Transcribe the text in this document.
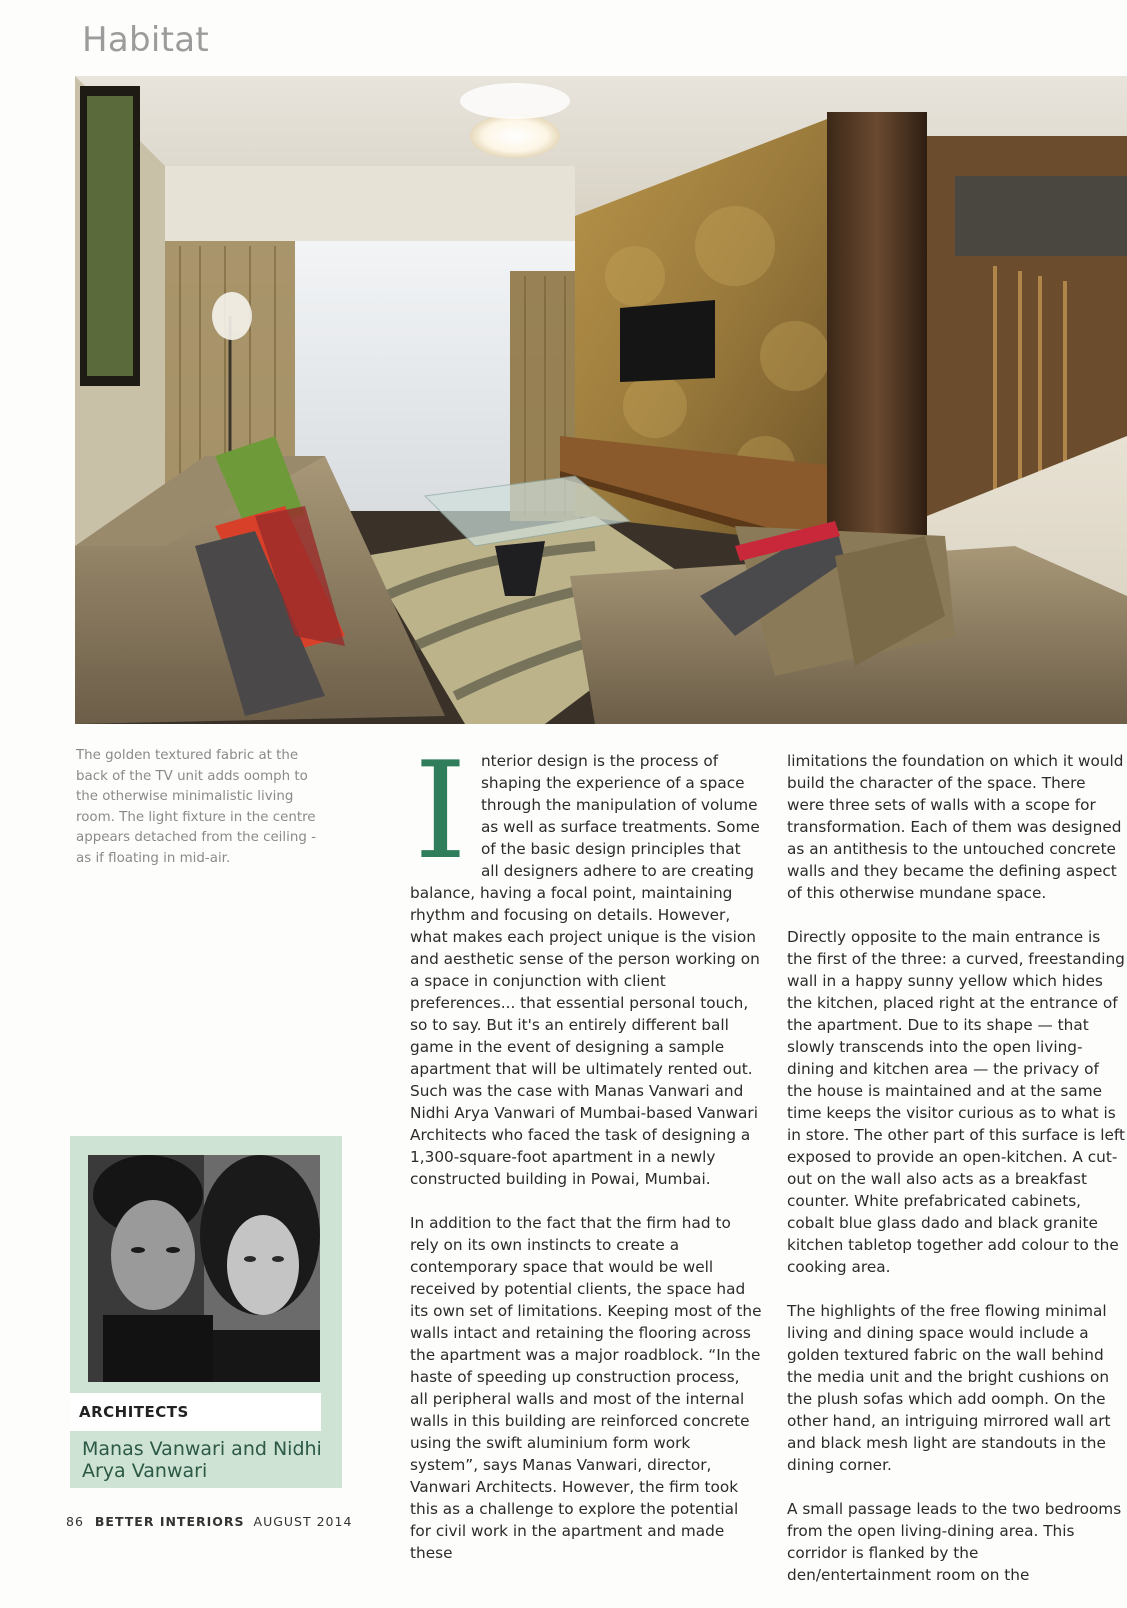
Habitat
The golden textured fabric at the back of the TV unit adds oomph to the otherwise minimalistic living room. The light fixture in the centre appears detached from the ceiling -as if floating in mid-air.	Interior design is the process of shaping the experience of a space through the manipulation of volume as well as surface treatments. Some of the basic design principles that all designers adhere to are creating balance, having a focal point, maintaining rhythm and focusing on details. However, what makes each project unique is the vision and aesthetic sense of the person working on a space in conjunction with client preferences... that essential personal touch, so to say. But it's an entirely different ball game in the event of designing a sample apartment that will be ultimately rented out. Such was the case with Manas Vanwari and Nidhi Arya Vanwari of Mumbai-based Vanwari Architects who faced the task of designing a 1,300-square-foot apartment in a newly constructed building in Powai, Mumbai.

In addition to the fact that the firm had to rely on its own instincts to create a contemporary space that would be well received by potential clients, the space had its own set of limitations. Keeping most of the walls intact and retaining the flooring across the apartment was a major roadblock. “In the haste of speeding up construction process, all peripheral walls and most of the internal walls in this building are reinforced concrete using the swift aluminium form work system”, says Manas Vanwari, director, Vanwari Architects. However, the firm took this as a challenge to explore the potential for civil work in the apartment and made these

limitations the foundation on which it would build the character of the space. There were three sets of walls with a scope for transformation. Each of them was designed as an antithesis to the untouched concrete walls and they became the defining aspect of this otherwise mundane space.

Directly opposite to the main entrance is the first of the three: a curved, freestanding wall in a happy sunny yellow which hides the kitchen, placed right at the entrance of the apartment. Due to its shape — that slowly transcends into the open living-dining and kitchen area — the privacy of the house is maintained and at the same time keeps the visitor curious as to what is in store. The other part of this surface is left exposed to provide an open-kitchen. A cut-out on the wall also acts as a breakfast counter. White prefabricated cabinets, cobalt blue glass dado and black granite kitchen tabletop together add colour to the cooking area.

The highlights of the free flowing minimal living and dining space would include a golden textured fabric on the wall behind the media unit and the bright cushions on the plush sofas which add oomph. On the other hand, an intriguing mirrored wall art and black mesh light are standouts in the dining corner.

A small passage leads to the two bedrooms from the open living-dining area. This corridor is flanked by the den/entertainment room on the

ARCHITECTS
Manas Vanwari and Nidhi Arya Vanwari
86 BETTER INTERIORS AUGUST 2014
